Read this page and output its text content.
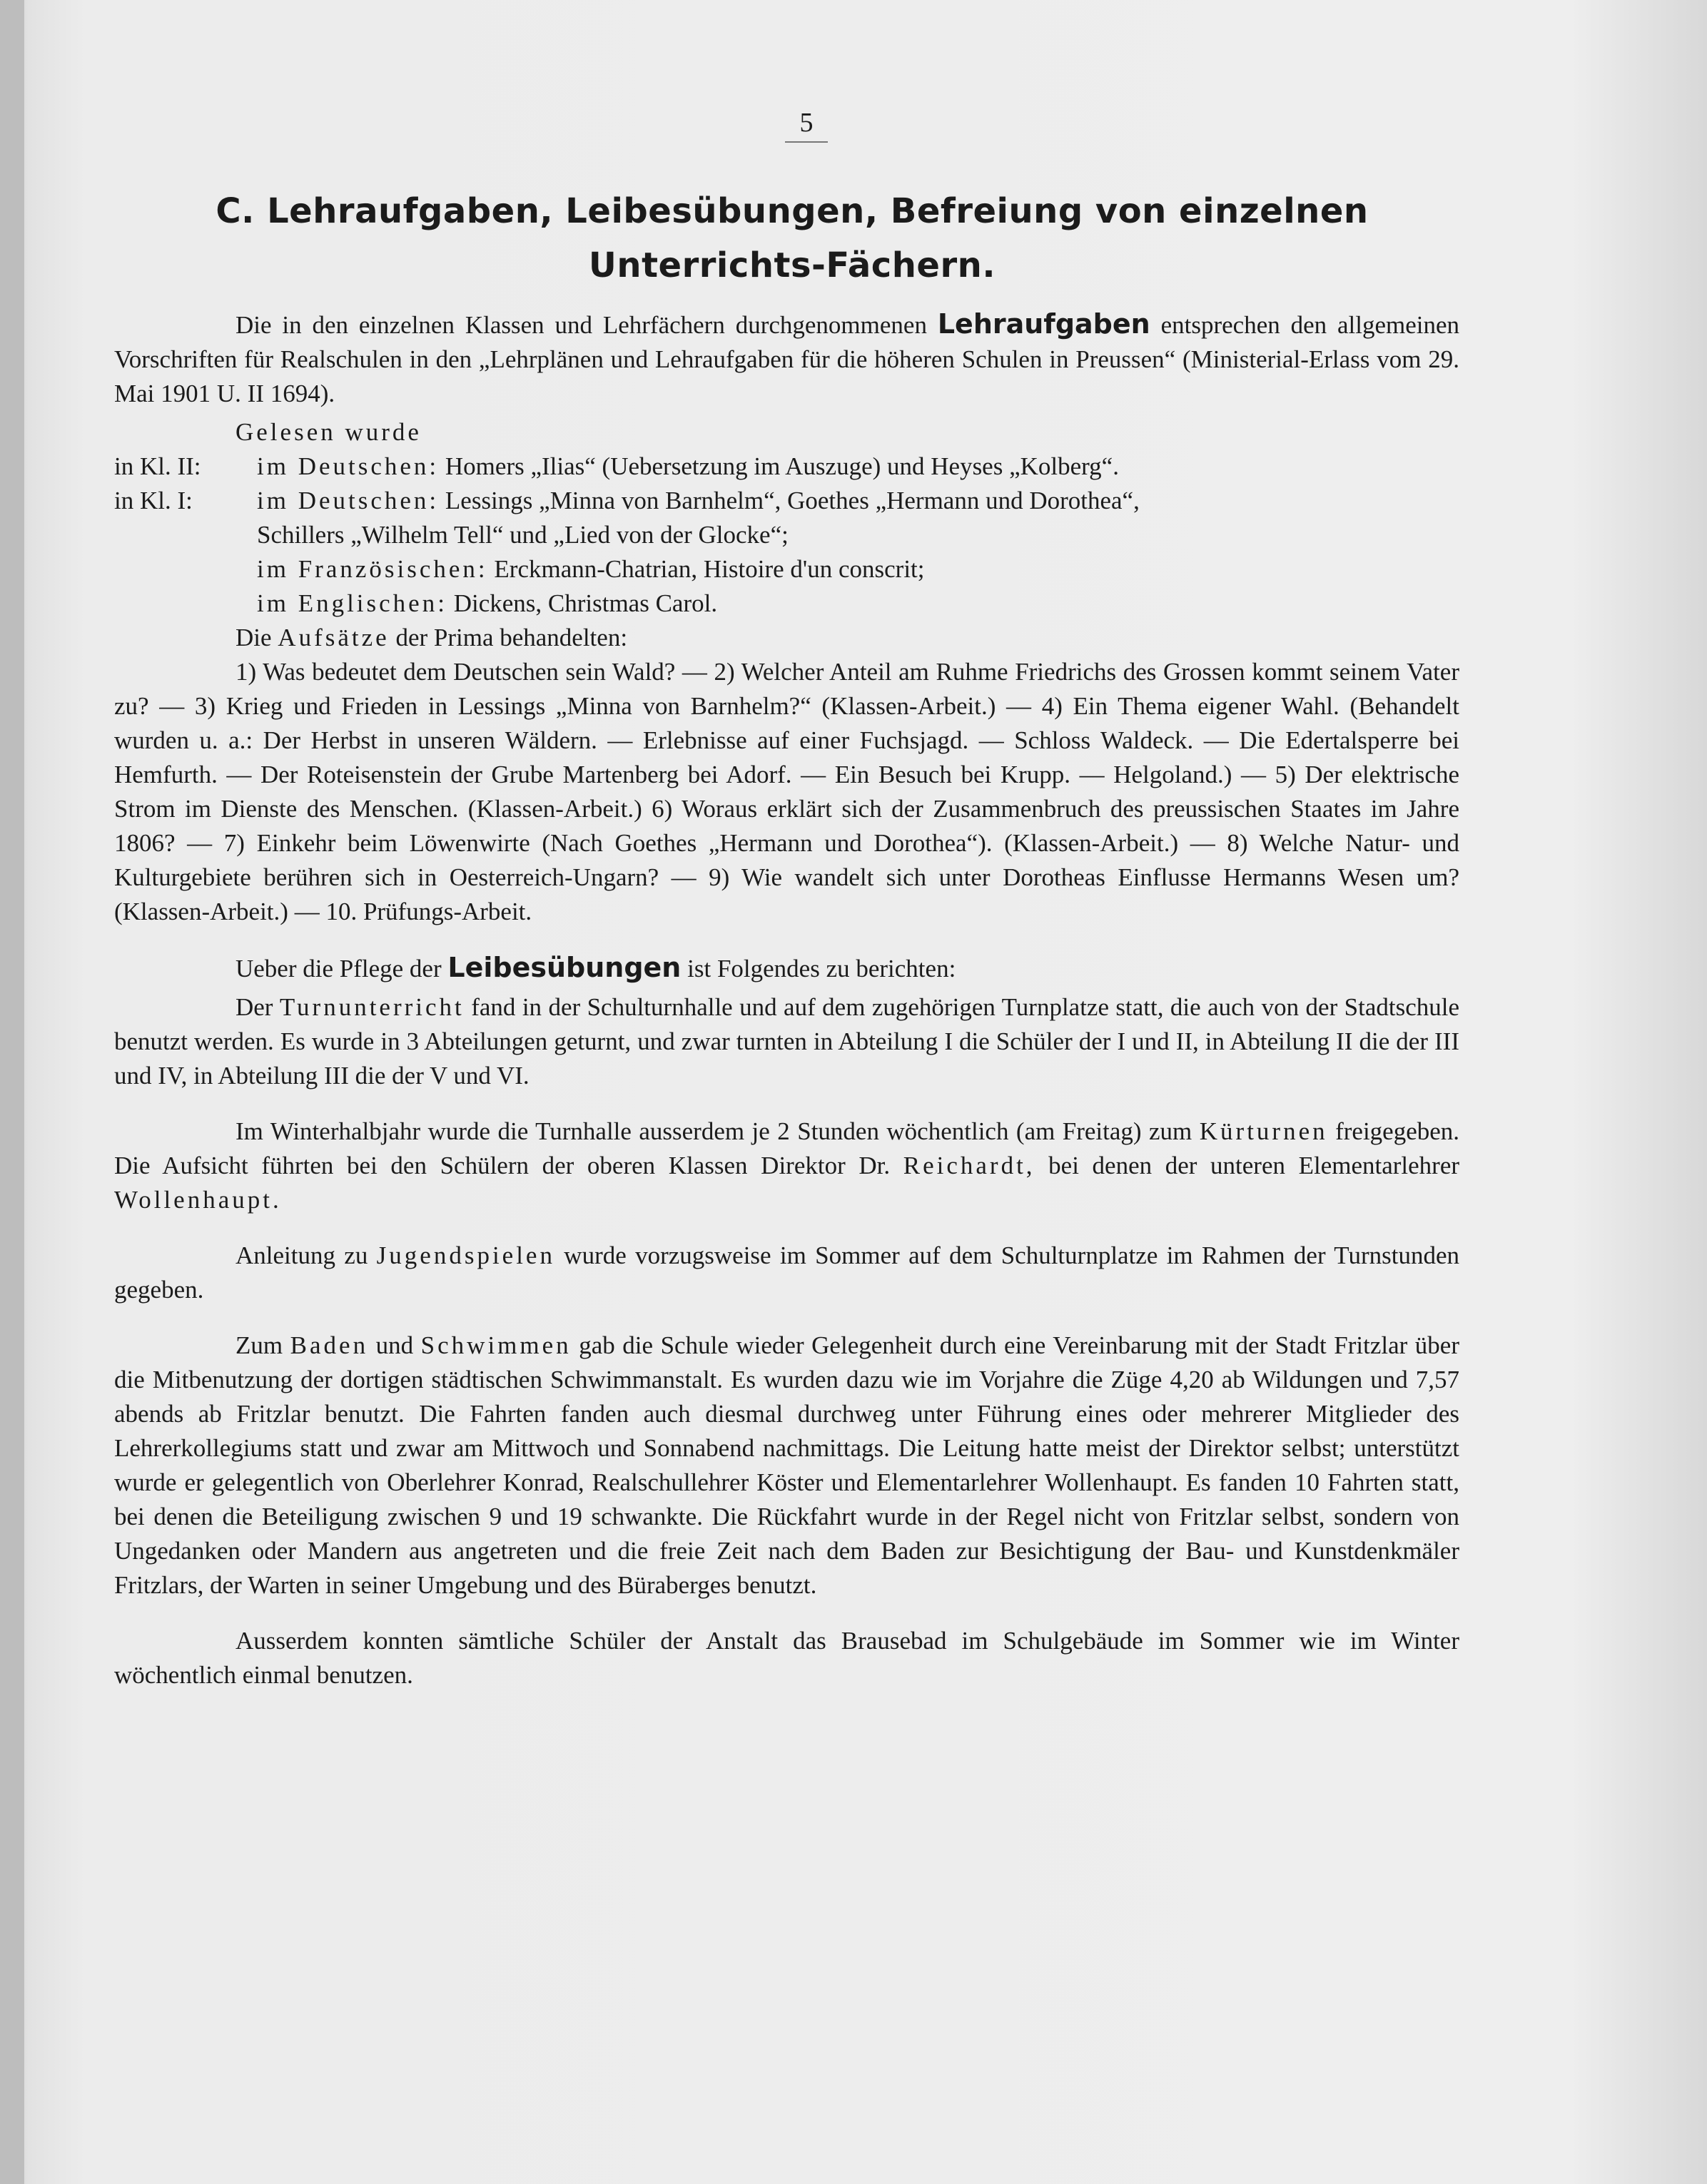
5
C. Lehraufgaben, Leibesübungen, Befreiung von einzelnen Unterrichts-Fächern.

Die in den einzelnen Klassen und Lehrfächern durchgenommenen Lehraufgaben entsprechen den allgemeinen Vorschriften für Realschulen in den „Lehrplänen und Lehraufgaben für die höheren Schulen in Preussen“ (Ministerial-Erlass vom 29. Mai 1901 U. II 1694).

Gelesen wurde

in Kl. II:	im Deutschen: Homers „Ilias“ (Uebersetzung im Auszuge) und Heyses „Kolberg“.
in Kl. I:	im Deutschen: Lessings „Minna von Barnhelm“, Goethes „Hermann und Dorothea“,

Schillers „Wilhelm Tell“ und „Lied von der Glocke“;

im Französischen: Erckmann-Chatrian, Histoire d'un conscrit;

im Englischen: Dickens, Christmas Carol.

Die Aufsätze der Prima behandelten:

1) Was bedeutet dem Deutschen sein Wald? — 2) Welcher Anteil am Ruhme Friedrichs des Grossen kommt seinem Vater zu? — 3) Krieg und Frieden in Lessings „Minna von Barnhelm?“ (Klassen-Arbeit.) — 4) Ein Thema eigener Wahl. (Behandelt wurden u. a.: Der Herbst in unseren Wäldern. — Erlebnisse auf einer Fuchsjagd. — Schloss Waldeck. — Die Edertalsperre bei Hemfurth. — Der Roteisenstein der Grube Martenberg bei Adorf. — Ein Besuch bei Krupp. — Helgoland.) — 5) Der elektrische Strom im Dienste des Menschen. (Klassen-Arbeit.) 6) Woraus erklärt sich der Zusammenbruch des preussischen Staates im Jahre 1806? — 7) Einkehr beim Löwenwirte (Nach Goethes „Hermann und Dorothea“). (Klassen-Arbeit.) — 8) Welche Natur- und Kulturgebiete berühren sich in Oesterreich-Ungarn? — 9) Wie wandelt sich unter Dorotheas Einflusse Hermanns Wesen um? (Klassen-Arbeit.) — 10. Prüfungs-Arbeit.

Ueber die Pflege der Leibesübungen ist Folgendes zu berichten:

Der Turnunterricht fand in der Schulturnhalle und auf dem zugehörigen Turnplatze statt, die auch von der Stadtschule benutzt werden. Es wurde in 3 Abteilungen geturnt, und zwar turnten in Abteilung I die Schüler der I und II, in Abteilung II die der III und IV, in Abteilung III die der V und VI.

Im Winterhalbjahr wurde die Turnhalle ausserdem je 2 Stunden wöchentlich (am Freitag) zum Kürturnen freigegeben. Die Aufsicht führten bei den Schülern der oberen Klassen Direktor Dr. Reichardt, bei denen der unteren Elementarlehrer Wollenhaupt.

Anleitung zu Jugendspielen wurde vorzugsweise im Sommer auf dem Schulturnplatze im Rahmen der Turnstunden gegeben.

Zum Baden und Schwimmen gab die Schule wieder Gelegenheit durch eine Vereinbarung mit der Stadt Fritzlar über die Mitbenutzung der dortigen städtischen Schwimmanstalt. Es wurden dazu wie im Vorjahre die Züge 4,20 ab Wildungen und 7,57 abends ab Fritzlar benutzt. Die Fahrten fanden auch diesmal durchweg unter Führung eines oder mehrerer Mitglieder des Lehrerkollegiums statt und zwar am Mittwoch und Sonnabend nachmittags. Die Leitung hatte meist der Direktor selbst; unterstützt wurde er gelegentlich von Oberlehrer Konrad, Realschullehrer Köster und Elementarlehrer Wollenhaupt. Es fanden 10 Fahrten statt, bei denen die Beteiligung zwischen 9 und 19 schwankte. Die Rückfahrt wurde in der Regel nicht von Fritzlar selbst, sondern von Ungedanken oder Mandern aus angetreten und die freie Zeit nach dem Baden zur Besichtigung der Bau- und Kunstdenkmäler Fritzlars, der Warten in seiner Umgebung und des Büraberges benutzt.

Ausserdem konnten sämtliche Schüler der Anstalt das Brausebad im Schulgebäude im Sommer wie im Winter wöchentlich einmal benutzen.
